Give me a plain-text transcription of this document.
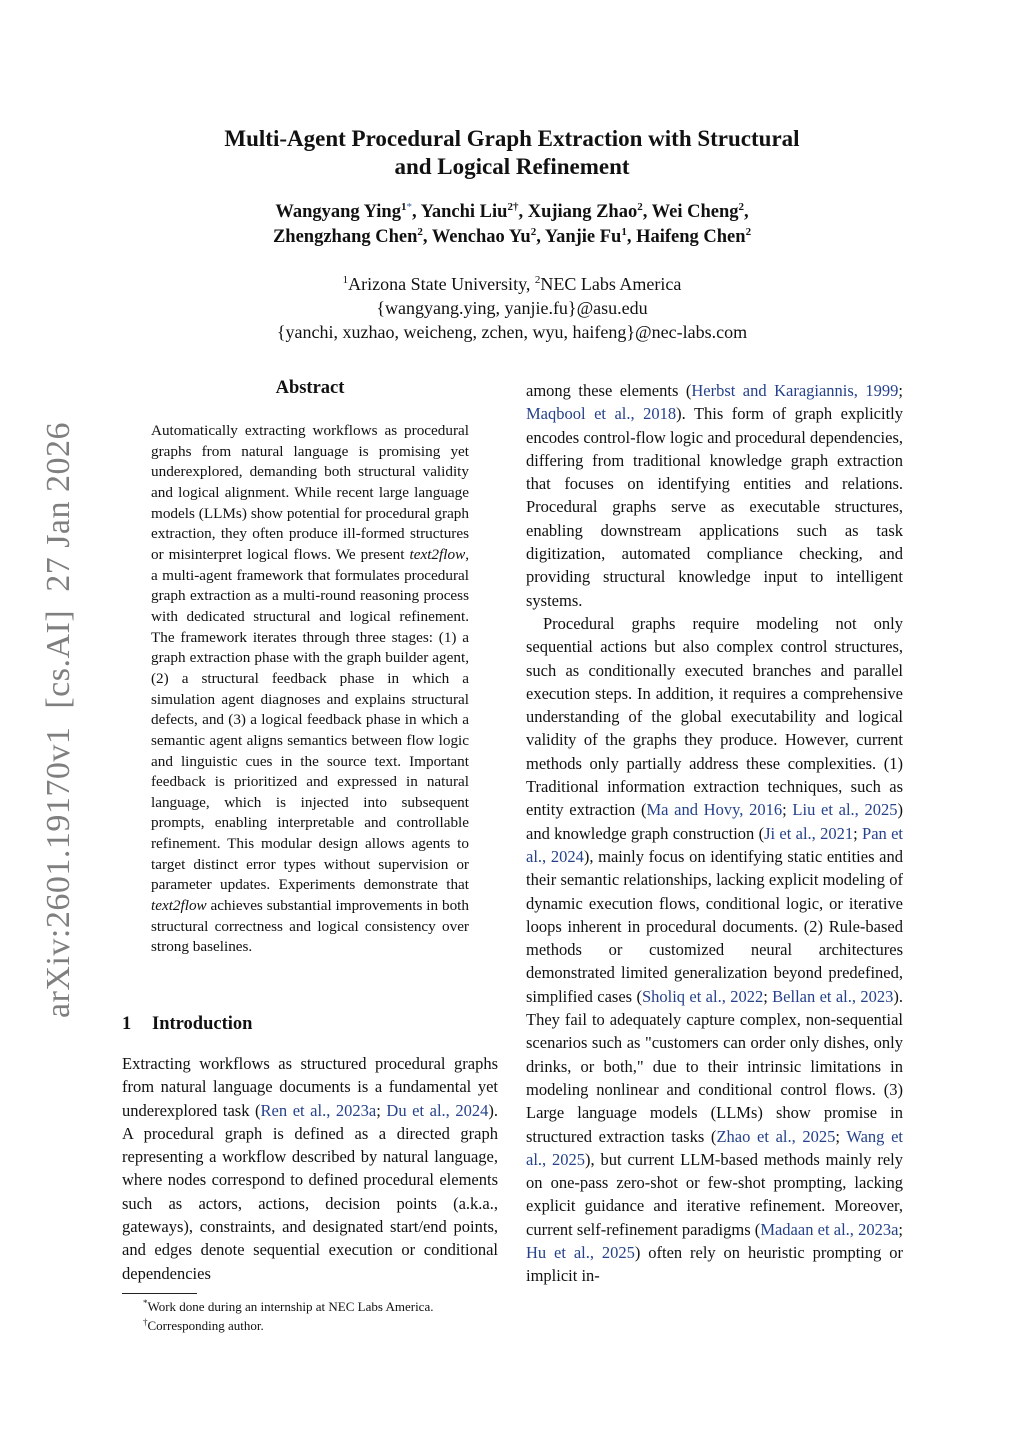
arXiv:2601.19170v1[cs.AI]27 Jan 2026
Multi-Agent Procedural Graph Extraction with Structural
and Logical Refinement
Wangyang Ying$^{1*}$, Yanchi Liu$^{2\dagger}$, Xujiang Zhao$^2$, Wei Cheng$^2$,
Zhengzhang Chen$^2$, Wenchao Yu$^2$, Yanjie Fu$^1$, Haifeng Chen$^2$
$^1$Arizona State University, $^2$NEC Labs America
{wangyang.ying, yanjie.fu}@asu.edu
{yanchi, xuzhao, weicheng, zchen, wyu, haifeng}@nec-labs.com
Abstract
Automatically extracting workflows as procedural graphs from natural language is promising yet underexplored, demanding both structural validity and logical alignment. While recent large language models (LLMs) show potential for procedural graph extraction, they often produce ill-formed structures or misinterpret logical flows. We present text2flow, a multi-agent framework that formulates procedural graph extraction as a multi-round reasoning process with dedicated structural and logical refinement. The framework iterates through three stages: (1) a graph extraction phase with the graph builder agent, (2) a structural feedback phase in which a simulation agent diagnoses and explains structural defects, and (3) a logical feedback phase in which a semantic agent aligns semantics between flow logic and linguistic cues in the source text. Important feedback is prioritized and expressed in natural language, which is injected into subsequent prompts, enabling interpretable and controllable refinement. This modular design allows agents to target distinct error types without supervision or parameter updates. Experiments demonstrate that text2flow achieves substantial improvements in both structural correctness and logical consistency over strong baselines.
1 Introduction

Extracting workflows as structured procedural graphs from natural language documents is a fundamental yet underexplored task (Ren et al., 2023a; Du et al., 2024). A procedural graph is defined as a directed graph representing a workflow described by natural language, where nodes correspond to defined procedural elements such as actors, actions, decision points (a.k.a., gateways), constraints, and designated start/end points, and edges denote sequential execution or conditional dependencies

*Work done during an internship at NEC Labs America.
†Corresponding author.

among these elements (Herbst and Karagiannis, 1999; Maqbool et al., 2018). This form of graph explicitly encodes control-flow logic and procedural dependencies, differing from traditional knowledge graph extraction that focuses on identifying entities and relations. Procedural graphs serve as executable structures, enabling downstream applications such as task digitization, automated compliance checking, and providing structural knowledge input to intelligent systems.

Procedural graphs require modeling not only sequential actions but also complex control structures, such as conditionally executed branches and parallel execution steps. In addition, it requires a comprehensive understanding of the global executability and logical validity of the graphs they produce. However, current methods only partially address these complexities. (1) Traditional information extraction techniques, such as entity extraction (Ma and Hovy, 2016; Liu et al., 2025) and knowledge graph construction (Ji et al., 2021; Pan et al., 2024), mainly focus on identifying static entities and their semantic relationships, lacking explicit modeling of dynamic execution flows, conditional logic, or iterative loops inherent in procedural documents. (2) Rule-based methods or customized neural architectures demonstrated limited generalization beyond predefined, simplified cases (Sholiq et al., 2022; Bellan et al., 2023). They fail to adequately capture complex, non-sequential scenarios such as "customers can order only dishes, only drinks, or both," due to their intrinsic limitations in modeling nonlinear and conditional control flows. (3) Large language models (LLMs) show promise in structured extraction tasks (Zhao et al., 2025; Wang et al., 2025), but current LLM-based methods mainly rely on one-pass zero-shot or few-shot prompting, lacking explicit guidance and iterative refinement. Moreover, current self-refinement paradigms (Madaan et al., 2023a; Hu et al., 2025) often rely on heuristic prompting or implicit in-
